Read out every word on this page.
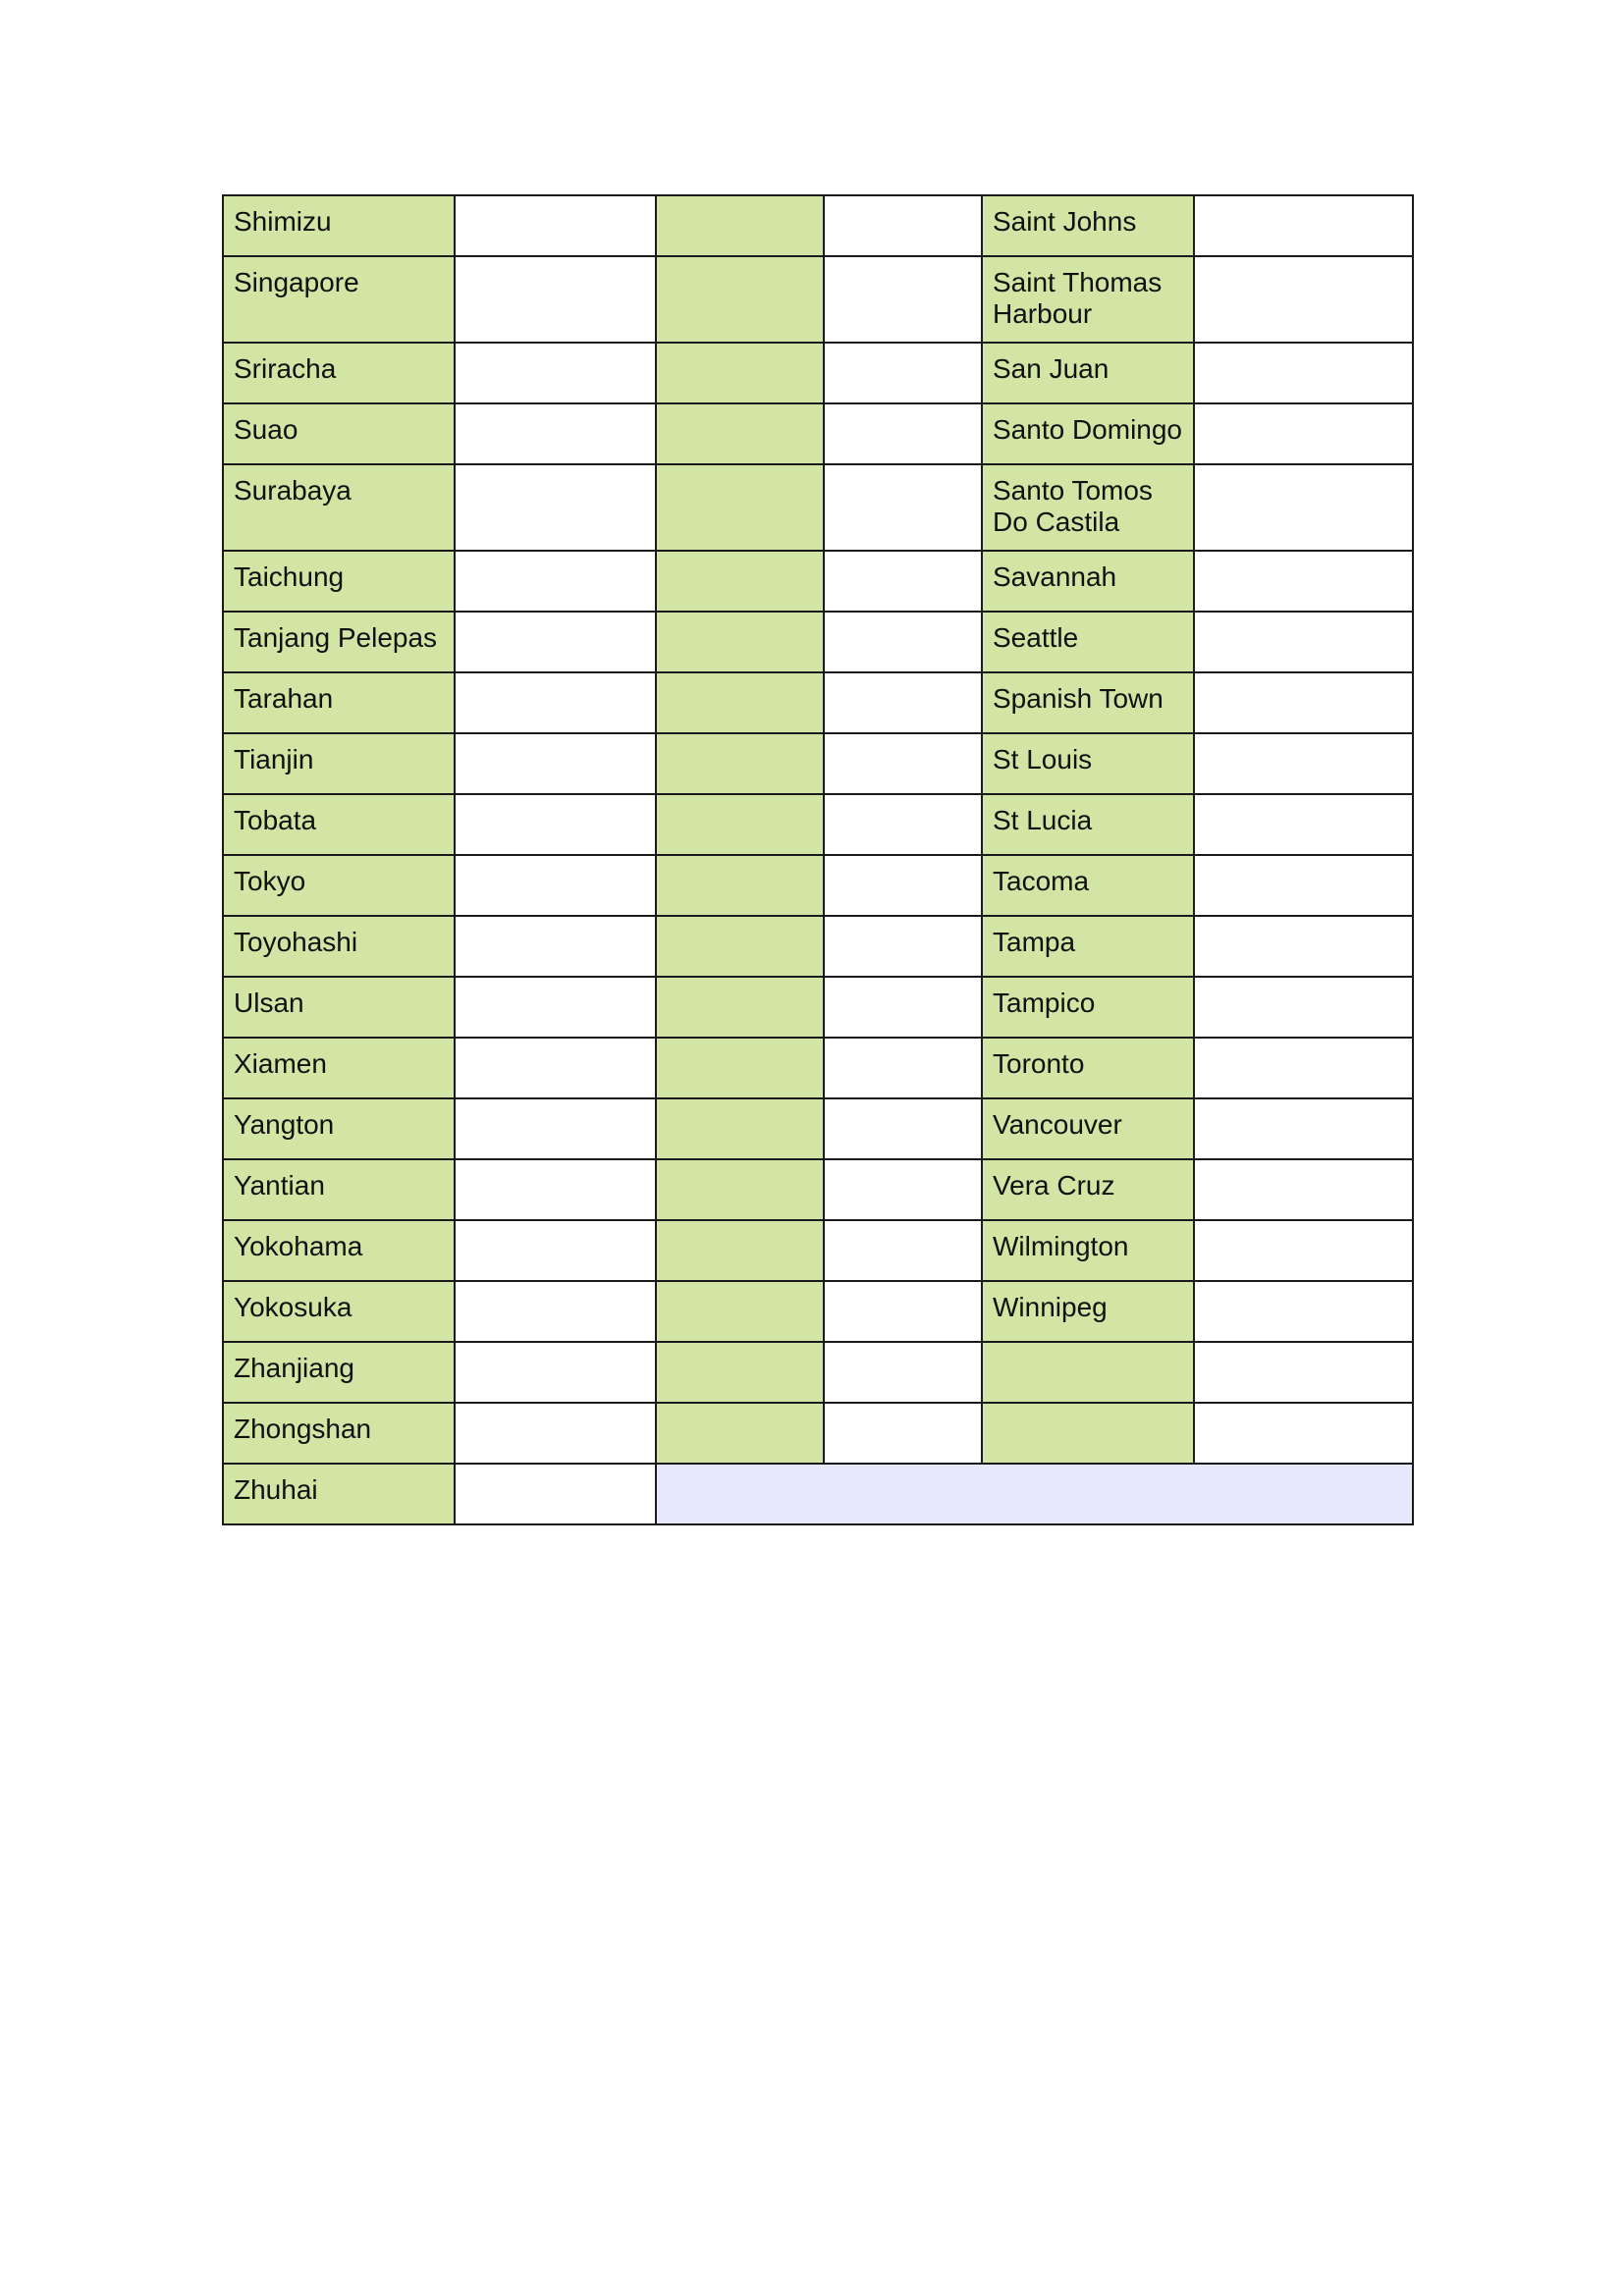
Shimizu				Saint Johns	
Singapore				Saint Thomas Harbour	
Sriracha				San Juan	
Suao				Santo Domingo	
Surabaya				Santo Tomos Do Castila	
Taichung				Savannah	
Tanjang Pelepas				Seattle	
Tarahan				Spanish Town	
Tianjin				St Louis	
Tobata				St Lucia	
Tokyo				Tacoma	
Toyohashi				Tampa	
Ulsan				Tampico	
Xiamen				Toronto	
Yangton				Vancouver	
Yantian				Vera Cruz	
Yokohama				Wilmington	
Yokosuka				Winnipeg	
Zhanjiang					
Zhongshan					
Zhuhai					
